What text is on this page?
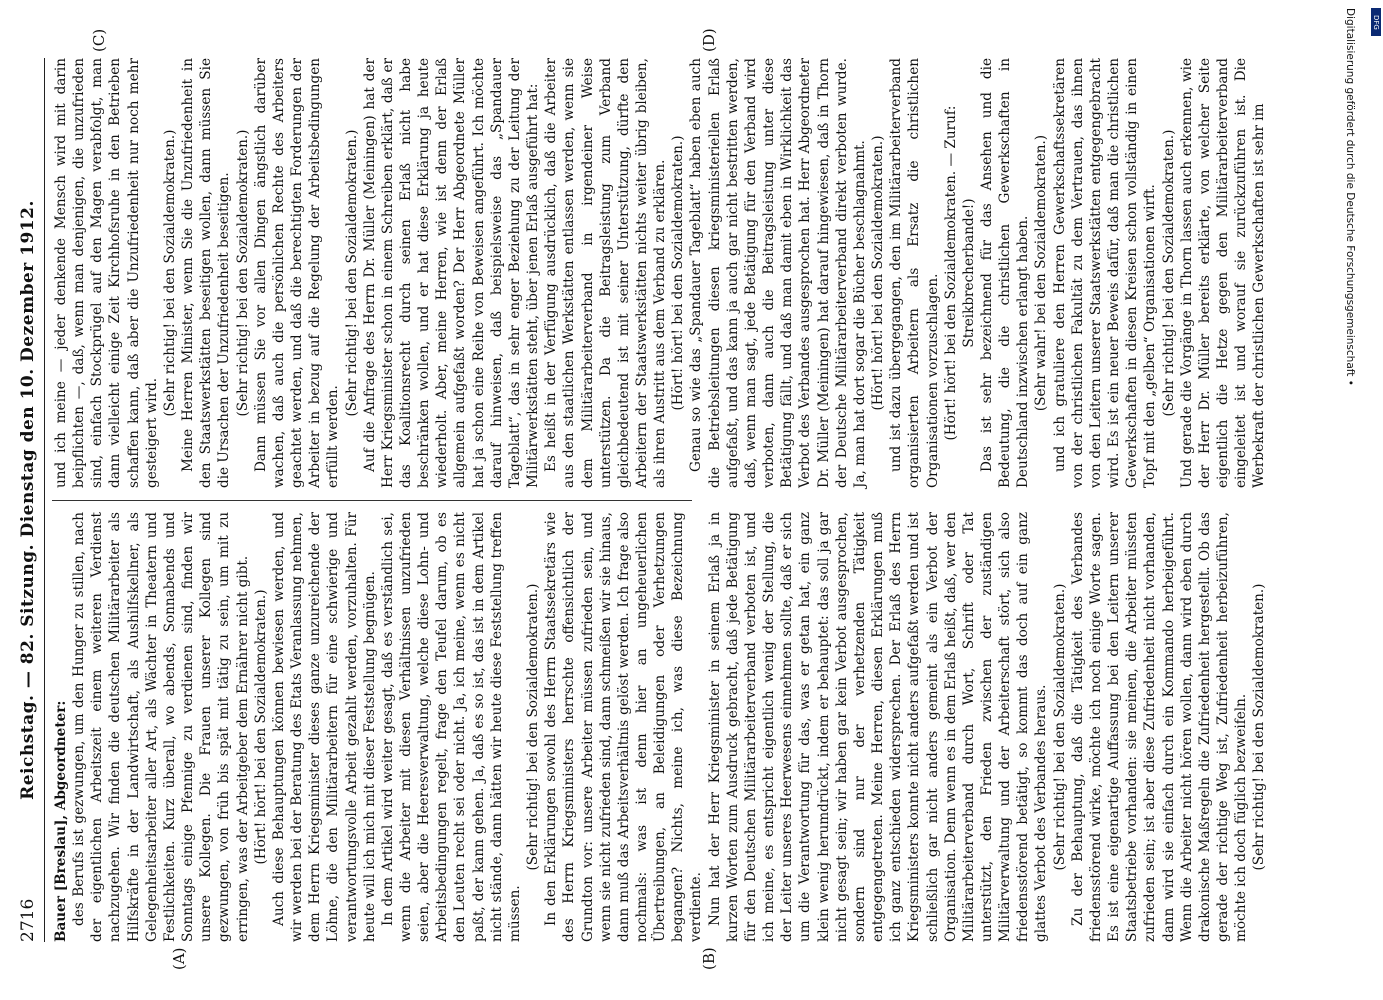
2716
Reichstag. — 82. Sitzung. Dienstag den 10. Dezember 1912.
(A)	(B)
(C)	(D)

Bauer [Breslau], Abgeordneter: des Berufs ist gezwungen, um den Hunger zu stillen, nach der eigentlichen Arbeitszeit einem weiteren Verdienst nachzugehen. Wir finden die deutschen Militärarbeiter als Hilfskräfte in der Landwirtschaft, als Aushilfskellner, als Gelegenheitsarbeiter aller Art, als Wächter in Theatern und Festlichkeiten. Kurz überall, wo abends, Sonnabends und Sonntags einige Pfennige zu verdienen sind, finden wir unsere Kollegen. Die Frauen unserer Kollegen sind gezwungen, von früh bis spät mit tätig zu sein, um mit zu erringen, was der Arbeitgeber dem Ernährer nicht gibt. (Hört! hört! bei den Sozialdemokraten.) Auch diese Behauptungen können bewiesen werden, und wir werden bei der Beratung des Etats Veranlassung nehmen, dem Herrn Kriegsminister dieses ganze unzureichende der Löhne, die den Militärarbeitern für eine schwierige und verantwortungsvolle Arbeit gezahlt werden, vorzuhalten. Für heute will ich mich mit dieser Feststellung begnügen. In dem Artikel wird weiter gesagt, daß es verständlich sei, wenn die Arbeiter mit diesen Verhältnissen unzufrieden seien, aber die Heeresverwaltung, welche diese Lohn- und Arbeitsbedingungen regelt, frage den Teufel darum, ob es den Leuten recht sei oder nicht. Ja, ich meine, wenn es nicht paßt, der kann gehen. Ja, daß es so ist, das ist in dem Artikel nicht stände, dann hätten wir heute diese Feststellung treffen müssen.

(Sehr richtig! bei den Sozialdemokraten.) In den Erklärungen sowohl des Herrn Staatssekretärs wie des Herrn Kriegsministers herrschte offensichtlich der Grundton vor: unsere Arbeiter müssen zufrieden sein, und wenn sie nicht zufrieden sind, dann schmeißen wir sie hinaus, dann muß das Arbeitsverhältnis gelöst werden. Ich frage also nochmals: was ist denn hier an ungeheuerlichen Übertreibungen, an Beleidigungen oder Verhetzungen begangen? Nichts, meine ich, was diese Bezeichnung verdiente. Nun hat der Herr Kriegsminister in seinem Erlaß ja in kurzen Worten zum Ausdruck gebracht, daß jede Betätigung für den Deutschen Militärarbeiterverband verboten ist, und ich meine, es entspricht eigentlich wenig der Stellung, die der Leiter unseres Heerwesens einnehmen sollte, daß er sich um die Verantwortung für das, was er getan hat, ein ganz klein wenig herumdrückt, indem er behauptet: das soll ja gar nicht gesagt sein; wir haben gar kein Verbot ausgesprochen, sondern sind nur der verhetzenden Tätigkeit entgegengetreten. Meine Herren, diesen Erklärungen muß ich ganz entschieden widersprechen. Der Erlaß des Herrn Kriegsministers konnte nicht anders aufgefaßt werden und ist schließlich gar nicht anders gemeint als ein Verbot der Organisation. Denn wenn es in dem Erlaß heißt, daß, wer den Militärarbeiterverband durch Wort, Schrift oder Tat unterstützt, den Frieden zwischen der zuständigen Militärverwaltung und der Arbeiterschaft stört, sich also friedensstörend betätigt, so kommt das doch auf ein ganz glattes Verbot des Verbandes heraus. (Sehr richtig! bei den Sozialdemokraten.) Zu der Behauptung, daß die Tätigkeit des Verbandes friedensstörend wirke, möchte ich noch einige Worte sagen. Es ist eine eigenartige Auffassung bei den Leitern unserer Staatsbetriebe vorhanden: sie meinen, die Arbeiter müssten zufrieden sein; ist aber diese Zufriedenheit nicht vorhanden, dann wird sie einfach durch ein Kommando herbeigeführt. Wenn die Arbeiter nicht hören wollen, dann wird eben durch drakonische Maßregeln die Zufriedenheit hergestellt. Ob das gerade der richtige Weg ist, Zufriedenheit herbeizuführen, möchte ich doch füglich bezweifeln. (Sehr richtig! bei den Sozialdemokraten.)

und ich meine — jeder denkende Mensch wird mit darin beipflichten —, daß, wenn man denjenigen, die unzufrieden sind, einfach Stockprügel auf den Magen verabfolgt, man dann vielleicht einige Zeit Kirchhofsruhe in den Betrieben schaffen kann, daß aber die Unzufriedenheit nur noch mehr gesteigert wird.

(Sehr richtig! bei den Sozialdemokraten.) Meine Herren Minister, wenn Sie die Unzufriedenheit in den Staatswerkstätten beseitigen wollen, dann müssen Sie die Ursachen der Unzufriedenheit beseitigen. (Sehr richtig! bei den Sozialdemokraten.) Dann müssen Sie vor allen Dingen ängstlich darüber wachen, daß auch die persönlichen Rechte des Arbeiters geachtet werden, und daß die berechtigten Forderungen der Arbeiter in bezug auf die Regelung der Arbeitsbedingungen erfüllt werden.

(Sehr richtig! bei den Sozialdemokraten.) Auf die Anfrage des Herrn Dr. Müller (Meiningen) hat der Herr Kriegsminister schon in einem Schreiben erklärt, daß er das Koalitionsrecht durch seinen Erlaß nicht habe beschränken wollen, und er hat diese Erklärung ja heute wiederholt. Aber, meine Herren, wie ist denn der Erlaß allgemein aufgefaßt worden? Der Herr Abgeordnete Müller hat ja schon eine Reihe von Beweisen angeführt. Ich möchte darauf hinweisen, daß beispielsweise das „Spandauer Tageblatt“, das in sehr enger Beziehung zu der Leitung der Militärwerkstätten steht, über jenen Erlaß ausgeführt hat: Es heißt in der Verfügung ausdrücklich, daß die Arbeiter aus den staatlichen Werkstätten entlassen werden, wenn sie dem Militärarbeiterverband in irgendeiner Weise unterstützen. Da die Beitragsleistung zum Verband gleichbedeutend ist mit seiner Unterstützung, dürfte den Arbeitern der Staatswerkstätten nichts weiter übrig bleiben, als ihren Austritt aus dem Verband zu erklären. (Hört! hört! bei den Sozialdemokraten.) Genau so wie das „Spandauer Tageblatt“ haben eben auch die Betriebsleitungen diesen kriegsministeriellen Erlaß aufgefaßt, und das kann ja auch gar nicht bestritten werden, daß, wenn man sagt, jede Betätigung für den Verband wird verboten, dann auch die Beitragsleistung unter diese Betätigung fällt, und daß man damit eben in Wirklichkeit das Verbot des Verbandes ausgesprochen hat. Herr Abgeordneter Dr. Müller (Meiningen) hat darauf hingewiesen, daß in Thorn der Deutsche Militärarbeiterverband direkt verboten wurde. Ja, man hat dort sogar die Bücher beschlagnahmt. (Hört! hört! bei den Sozialdemokraten.) und ist dazu übergegangen, den im Militärarbeiterverband organisierten Arbeitern als Ersatz die christlichen Organisationen vorzuschlagen. (Hört! hört! bei den Sozialdemokraten. — Zuruf: Streikbrecherbande!) Das ist sehr bezeichnend für das Ansehen und die Bedeutung, die die christlichen Gewerkschaften in Deutschland inzwischen erlangt haben. (Sehr wahr! bei den Sozialdemokraten.) und ich gratuliere den Herren Gewerkschaftssekretären von der christlichen Fakultät zu dem Vertrauen, das ihnen von den Leitern unserer Staatswerkstätten entgegengebracht wird. Es ist ein neuer Beweis dafür, daß man die christlichen Gewerkschaften in diesen Kreisen schon vollständig in einen Topf mit den „gelben“ Organisationen wirft. (Sehr richtig! bei den Sozialdemokraten.) Und gerade die Vorgänge in Thorn lassen auch erkennen, wie der Herr Dr. Müller bereits erklärte, von welcher Seite eigentlich die Hetze gegen den Militärarbeiterverband eingeleitet ist und worauf sie zurückzuführen ist. Die Werbekraft der christlichen Gewerkschaften ist sehr im	Digitalisierung gefördert durch die Deutsche Forschungsgemeinschaft • DFG
